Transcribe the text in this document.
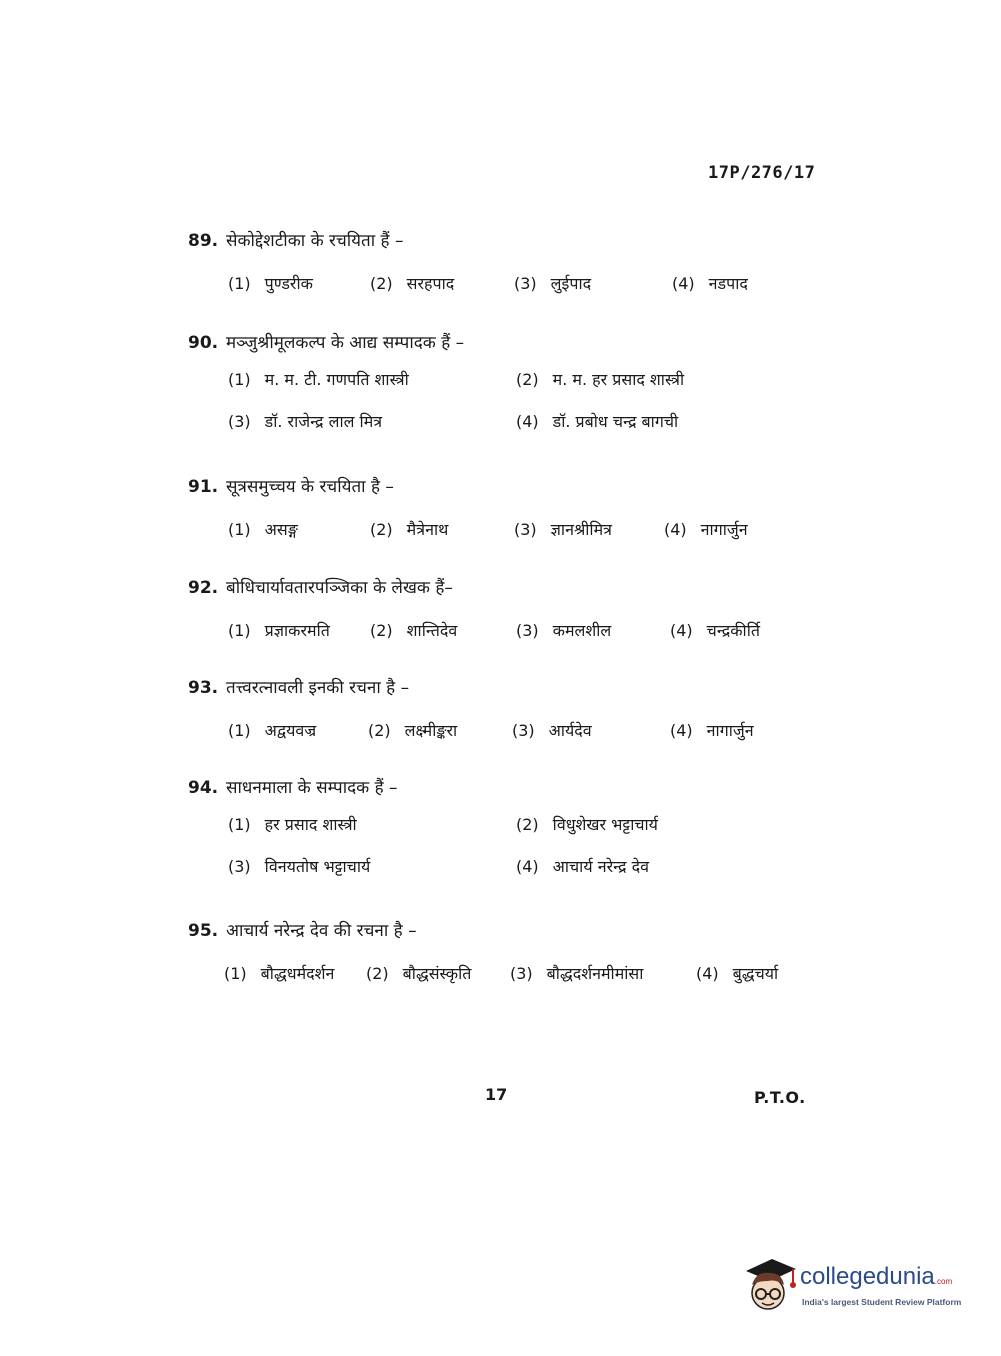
17P/276/17
89. सेकोद्देशटीका के रचयिता हैं –
(1) पुण्डरीक	(2) सरहपाद	(3) लुईपाद	(4) नडपाद
90. मञ्जुश्रीमूलकल्प के आद्य सम्पादक हैं –
(1) म. म. टी. गणपति शास्त्री	(2) म. म. हर प्रसाद शास्त्री
(3) डॉ. राजेन्द्र लाल मित्र	(4) डॉ. प्रबोध चन्द्र बागची
91. सूत्रसमुच्चय के रचयिता है –
(1) असङ्ग	(2) मैत्रेनाथ	(3) ज्ञानश्रीमित्र	(4) नागार्जुन
92. बोधिचार्यावतारपञ्जिका के लेखक हैं–
(1) प्रज्ञाकरमति	(2) शान्तिदेव	(3) कमलशील	(4) चन्द्रकीर्ति
93. तत्त्वरत्नावली इनकी रचना है –
(1) अद्वयवज्र	(2) लक्ष्मीङ्करा	(3) आर्यदेव	(4) नागार्जुन
94. साधनमाला के सम्पादक हैं –
(1) हर प्रसाद शास्त्री	(2) विधुशेखर भट्टाचार्य
(3) विनयतोष भट्टाचार्य	(4) आचार्य नरेन्द्र देव
95. आचार्य नरेन्द्र देव की रचना है –
(1) बौद्धधर्मदर्शन	(2) बौद्धसंस्कृति	(3) बौद्धदर्शनमीमांसा	(4) बुद्धचर्या
17	P.T.O.
collegedunia.com
India's largest Student Review Platform
